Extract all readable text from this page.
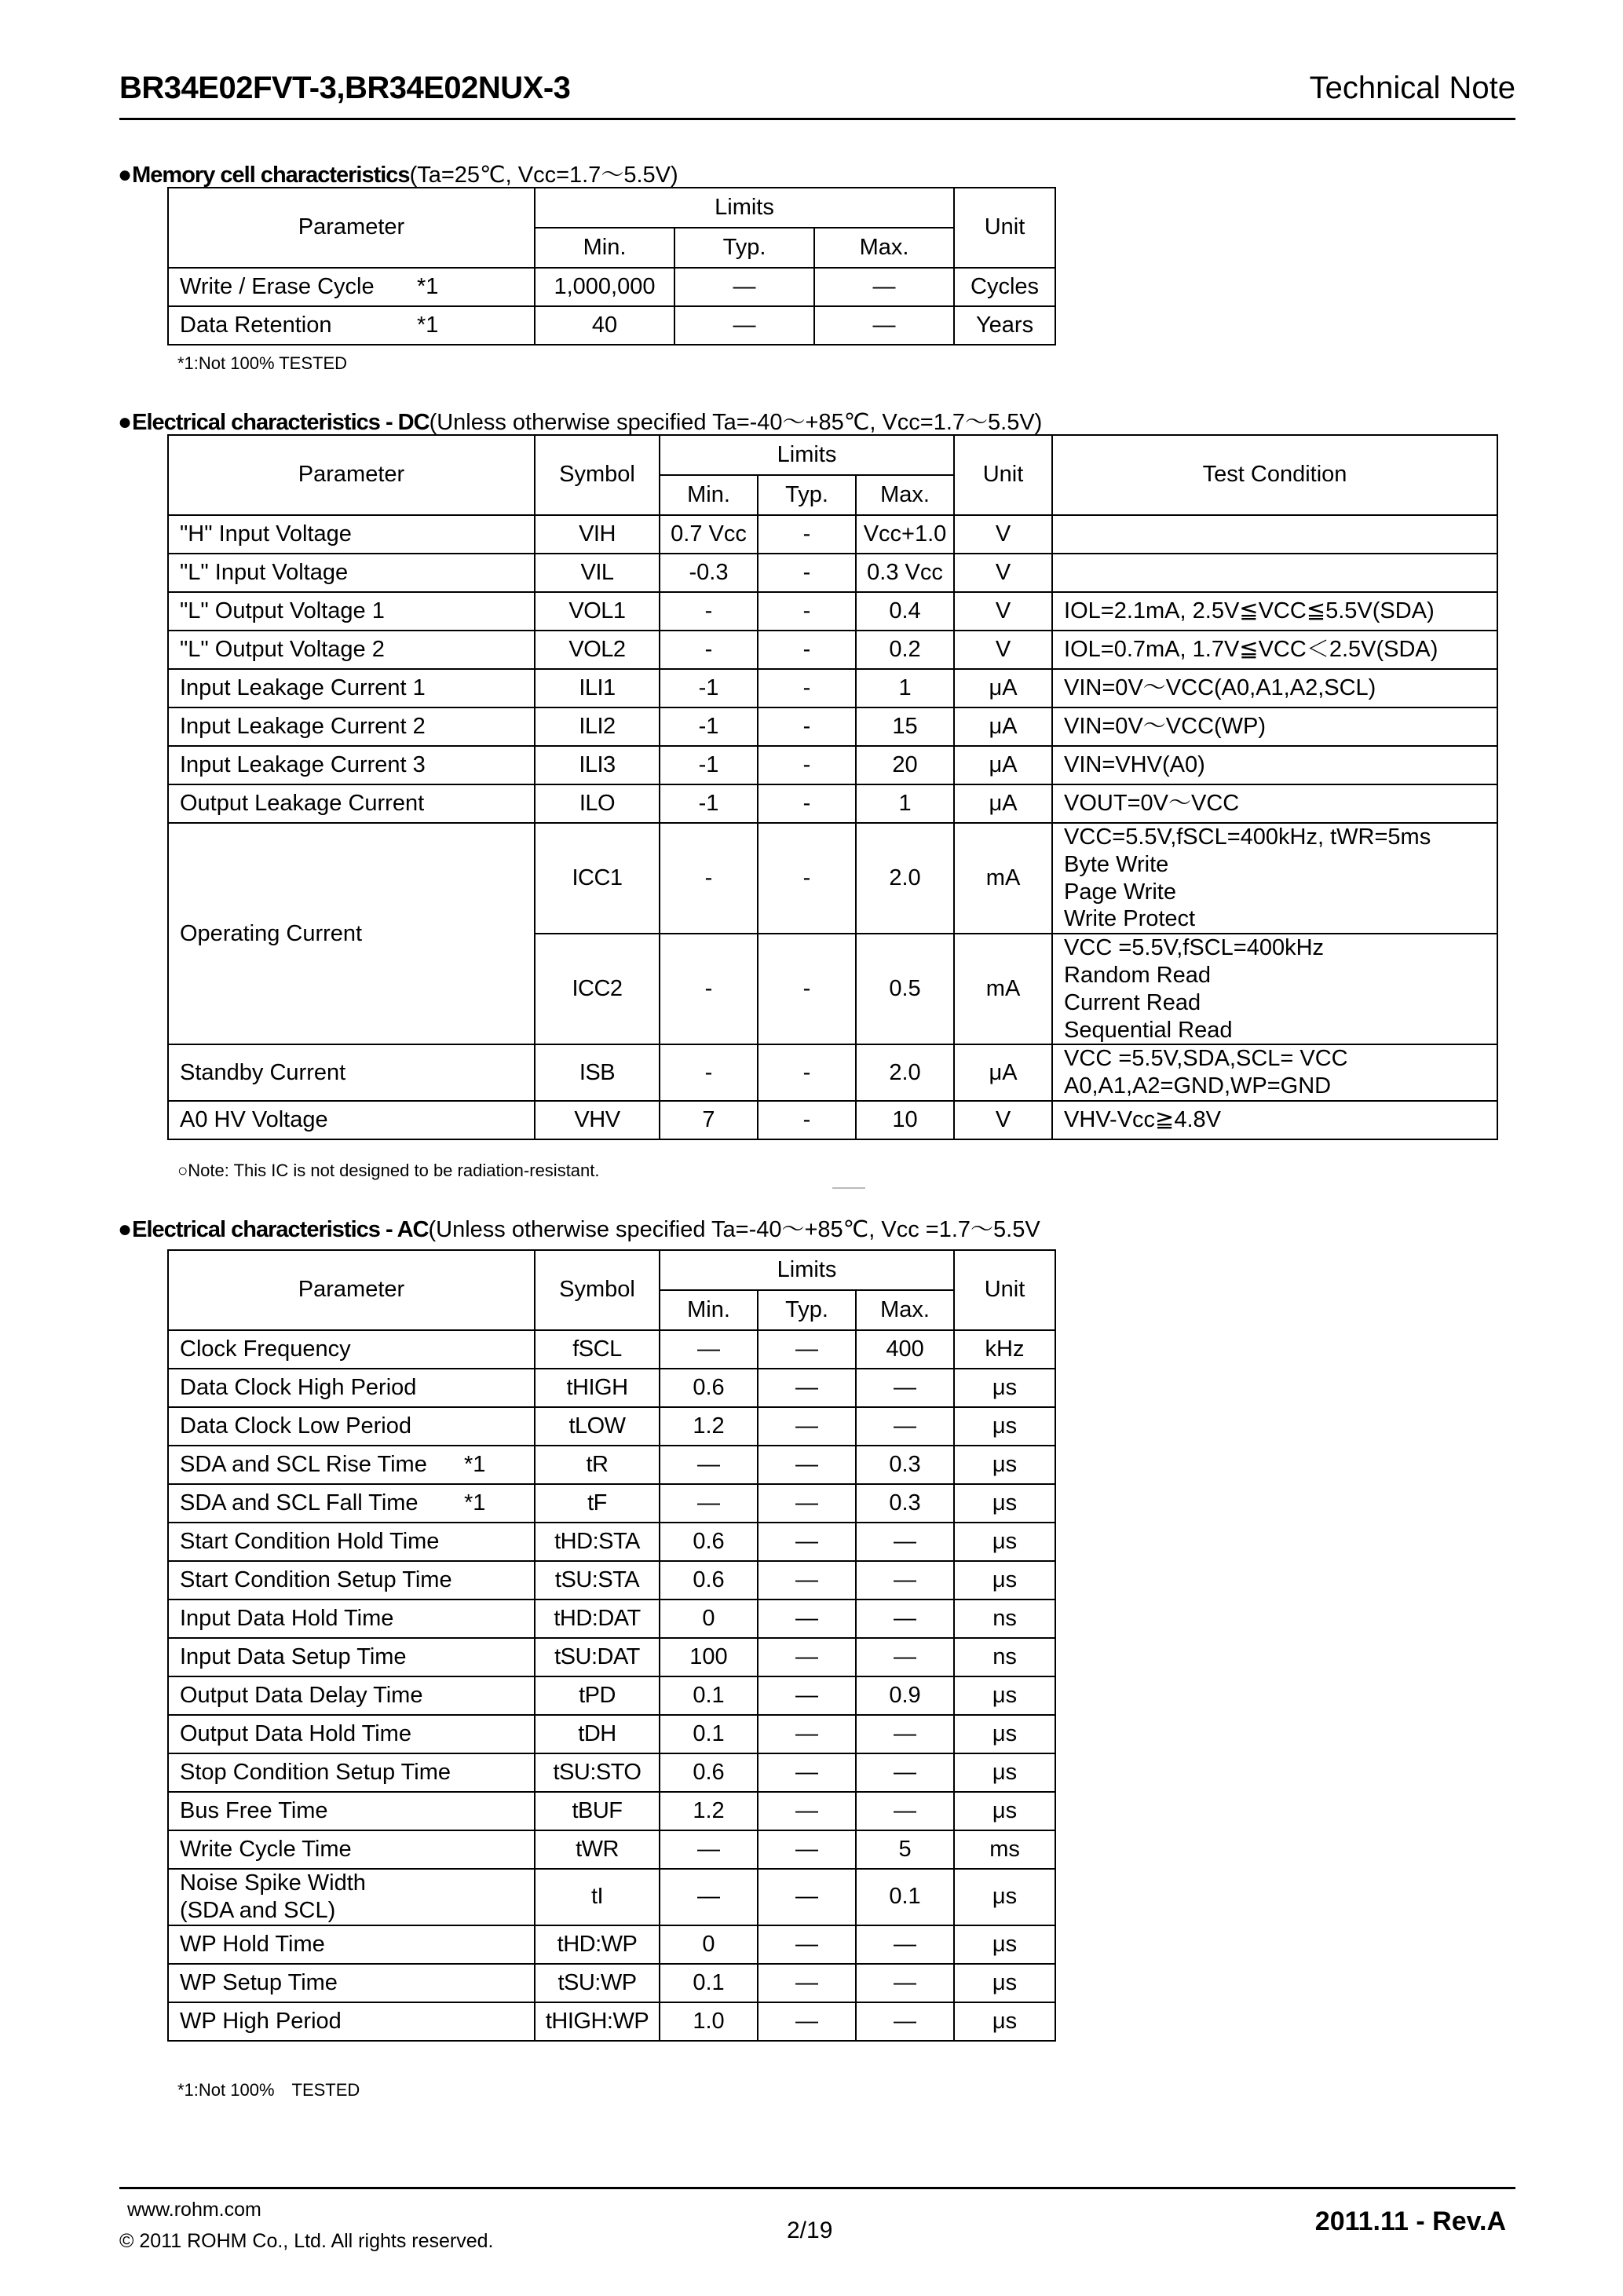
BR34E02FVT-3,BR34E02NUX-3	Technical Note
●Memory cell characteristics(Ta=25℃, Vcc=1.7～5.5V)
Parameter	Limits			Unit
	Min.	Typ.	Max.	
Write / Erase Cycle *1	1,000,000	―	―	Cycles
Data Retention *1	40	―	―	Years
*1:Not 100% TESTED
●Electrical characteristics - DC(Unless otherwise specified Ta=-40～+85℃, Vcc=1.7～5.5V)
Parameter	Symbol	Limits			Unit	Test Condition
		Min.	Typ.	Max.		
"H" Input Voltage	VIH	0.7 Vcc	-	Vcc+1.0	V	
"L" Input Voltage	VIL	-0.3	-	0.3 Vcc	V	
"L" Output Voltage 1	VOL1	-	-	0.4	V	IOL=2.1mA, 2.5V≦VCC≦5.5V(SDA)
"L" Output Voltage 2	VOL2	-	-	0.2	V	IOL=0.7mA, 1.7V≦VCC＜2.5V(SDA)
Input Leakage Current 1	ILI1	-1	-	1	μA	VIN=0V～VCC(A0,A1,A2,SCL)
Input Leakage Current 2	ILI2	-1	-	15	μA	VIN=0V～VCC(WP)
Input Leakage Current 3	ILI3	-1	-	20	μA	VIN=VHV(A0)
Output Leakage Current	ILO	-1	-	1	μA	VOUT=0V～VCC
Operating Current	ICC1	-	-	2.0	mA	VCC=5.5V,fSCL=400kHz, tWR=5ms
Byte Write
Page Write
Write Protect

	ICC2	-	-	0.5	mA	VCC =5.5V,fSCL=400kHz
Random Read
Current Read
Sequential Read

Standby Current	ISB	-	-	2.0	μA	VCC =5.5V,SDA,SCL= VCC
A0,A1,A2=GND,WP=GND

A0 HV Voltage	VHV	7	-	10	V	VHV-Vcc≧4.8V
○Note: This IC is not designed to be radiation-resistant.
●Electrical characteristics - AC(Unless otherwise specified Ta=-40～+85℃, Vcc =1.7～5.5V
Parameter	Symbol	Limits			Unit
		Min.	Typ.	Max.	
Clock Frequency	fSCL	―	―	400	kHz
Data Clock High Period	tHIGH	0.6	―	―	μs
Data Clock Low Period	tLOW	1.2	―	―	μs
SDA and SCL Rise Time *1	tR	―	―	0.3	μs
SDA and SCL Fall Time *1	tF	―	―	0.3	μs
Start Condition Hold Time	tHD:STA	0.6	―	―	μs
Start Condition Setup Time	tSU:STA	0.6	―	―	μs
Input Data Hold Time	tHD:DAT	0	―	―	ns
Input Data Setup Time	tSU:DAT	100	―	―	ns
Output Data Delay Time	tPD	0.1	―	0.9	μs
Output Data Hold Time	tDH	0.1	―	―	μs
Stop Condition Setup Time	tSU:STO	0.6	―	―	μs
Bus Free Time	tBUF	1.2	―	―	μs
Write Cycle Time	tWR	―	―	5	ms

Noise Spike Width
(SDA and SCL)	tI	―	―	0.1	μs
WP Hold Time	tHD:WP	0	―	―	μs
WP Setup Time	tSU:WP	0.1	―	―	μs
WP High Period	tHIGH:WP	1.0	―	―	μs
*1:Not 100%　TESTED
www.rohm.com
© 2011 ROHM Co., Ltd. All rights reserved.	2/19	2011.11 - Rev.A
